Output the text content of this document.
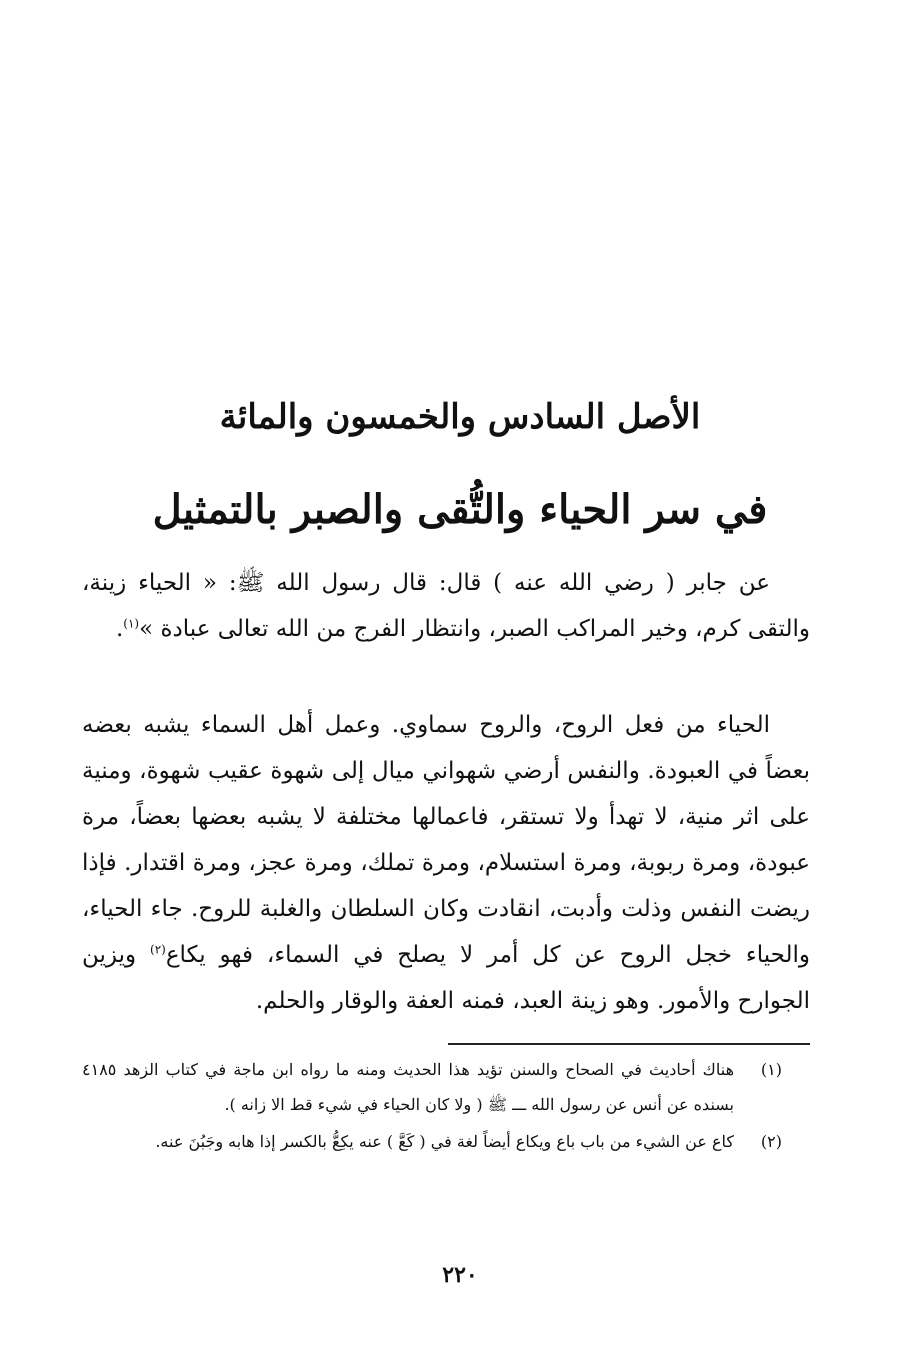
الأصل السادس والخمسون والمائة
في سر الحياء والتُّقى والصبر بالتمثيل

عن جابر ( رضي الله عنه ) قال: قال رسول الله ﷺ: « الحياء زينة، والتقى كرم، وخير المراكب الصبر، وانتظار الفرج من الله تعالى عبادة »$^{(١)}$.

الحياء من فعل الروح، والروح سماوي. وعمل أهل السماء يشبه بعضه بعضاً في العبودة. والنفس أرضي شهواني ميال إلى شهوة عقيب شهوة، ومنية على اثر منية، لا تهدأ ولا تستقر، فاعمالها مختلفة لا يشبه بعضها بعضاً، مرة عبودة، ومرة ربوبة، ومرة استسلام، ومرة تملك، ومرة عجز، ومرة اقتدار. فإذا ريضت النفس وذلت وأدبت، انقادت وكان السلطان والغلبة للروح. جاء الحياء، والحياء خجل الروح عن كل أمر لا يصلح في السماء، فهو يكاع$^{(٢)}$ ويزين الجوارح والأمور. وهو زينة العبد، فمنه العفة والوقار والحلم.

(١)
هناك أحاديث في الصحاح والسنن تؤيد هذا الحديث ومنه ما رواه ابن ماجة في كتاب الزهد ٤١٨٥ بسنده عن أنس عن رسول الله ـــ ﷺ ( ولا كان الحياء في شيء قط الا زانه ).
(٢)
كاع عن الشيء من باب باع ويكاع أيضاً لغة في ( كَعَّ ) عنه يكِعُّ بالكسر إذا هابه وجَبُنَ عنه.
٢٢٠
